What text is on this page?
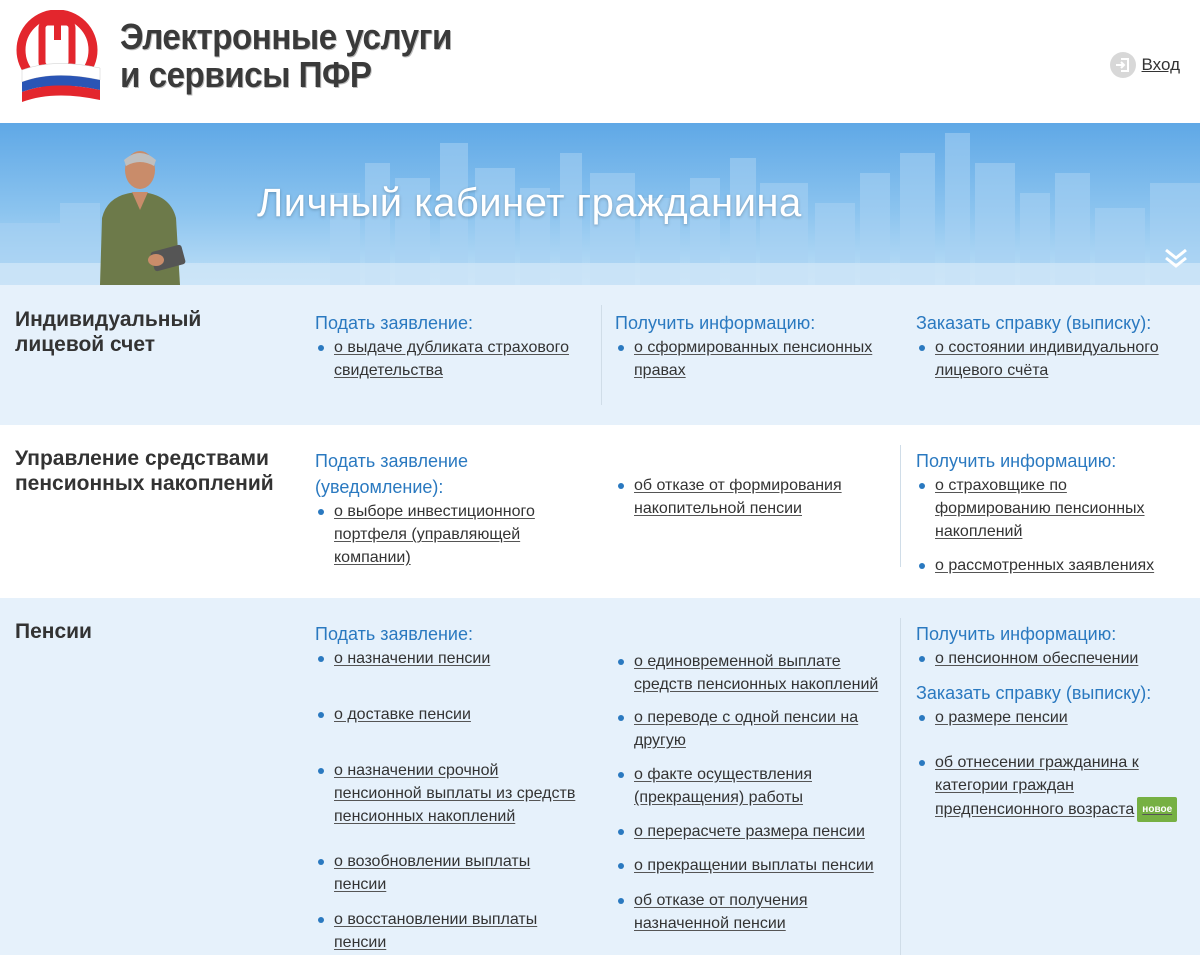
Электронные услуги
и сервисы ПФР	Вход
Личный кабинет гражданина
Индивидуальный лицевой счет
Подать заявление:
о выдаче дубликата страхового свидетельства
Получить информацию:
о сформированных пенсионных правах
Заказать справку (выписку):
о состоянии индивидуального лицевого счёта
Управление средствами пенсионных накоплений
Подать заявление (уведомление):
о выборе инвестиционного портфеля (управляющей компании)
об отказе от формирования накопительной пенсии
Получить информацию:
о страховщике по формированию пенсионных накоплений
о рассмотренных заявлениях
Пенсии	Подать заявление:
о назначении пенсии
о доставке пенсии
о назначении срочной пенсионной выплаты из средств пенсионных накоплений
о возобновлении выплаты пенсии
о восстановлении выплаты пенсии
о единовременной выплате средств пенсионных накоплений
о переводе с одной пенсии на другую
о факте осуществления (прекращения) работы
о перерасчете размера пенсии
о прекращении выплаты пенсии
об отказе от получения назначенной пенсии
Получить информацию:
о пенсионном обеспечении
Заказать справку (выписку):
о размере пенсии
об отнесении гражданина к категории граждан предпенсионного возраста новое
